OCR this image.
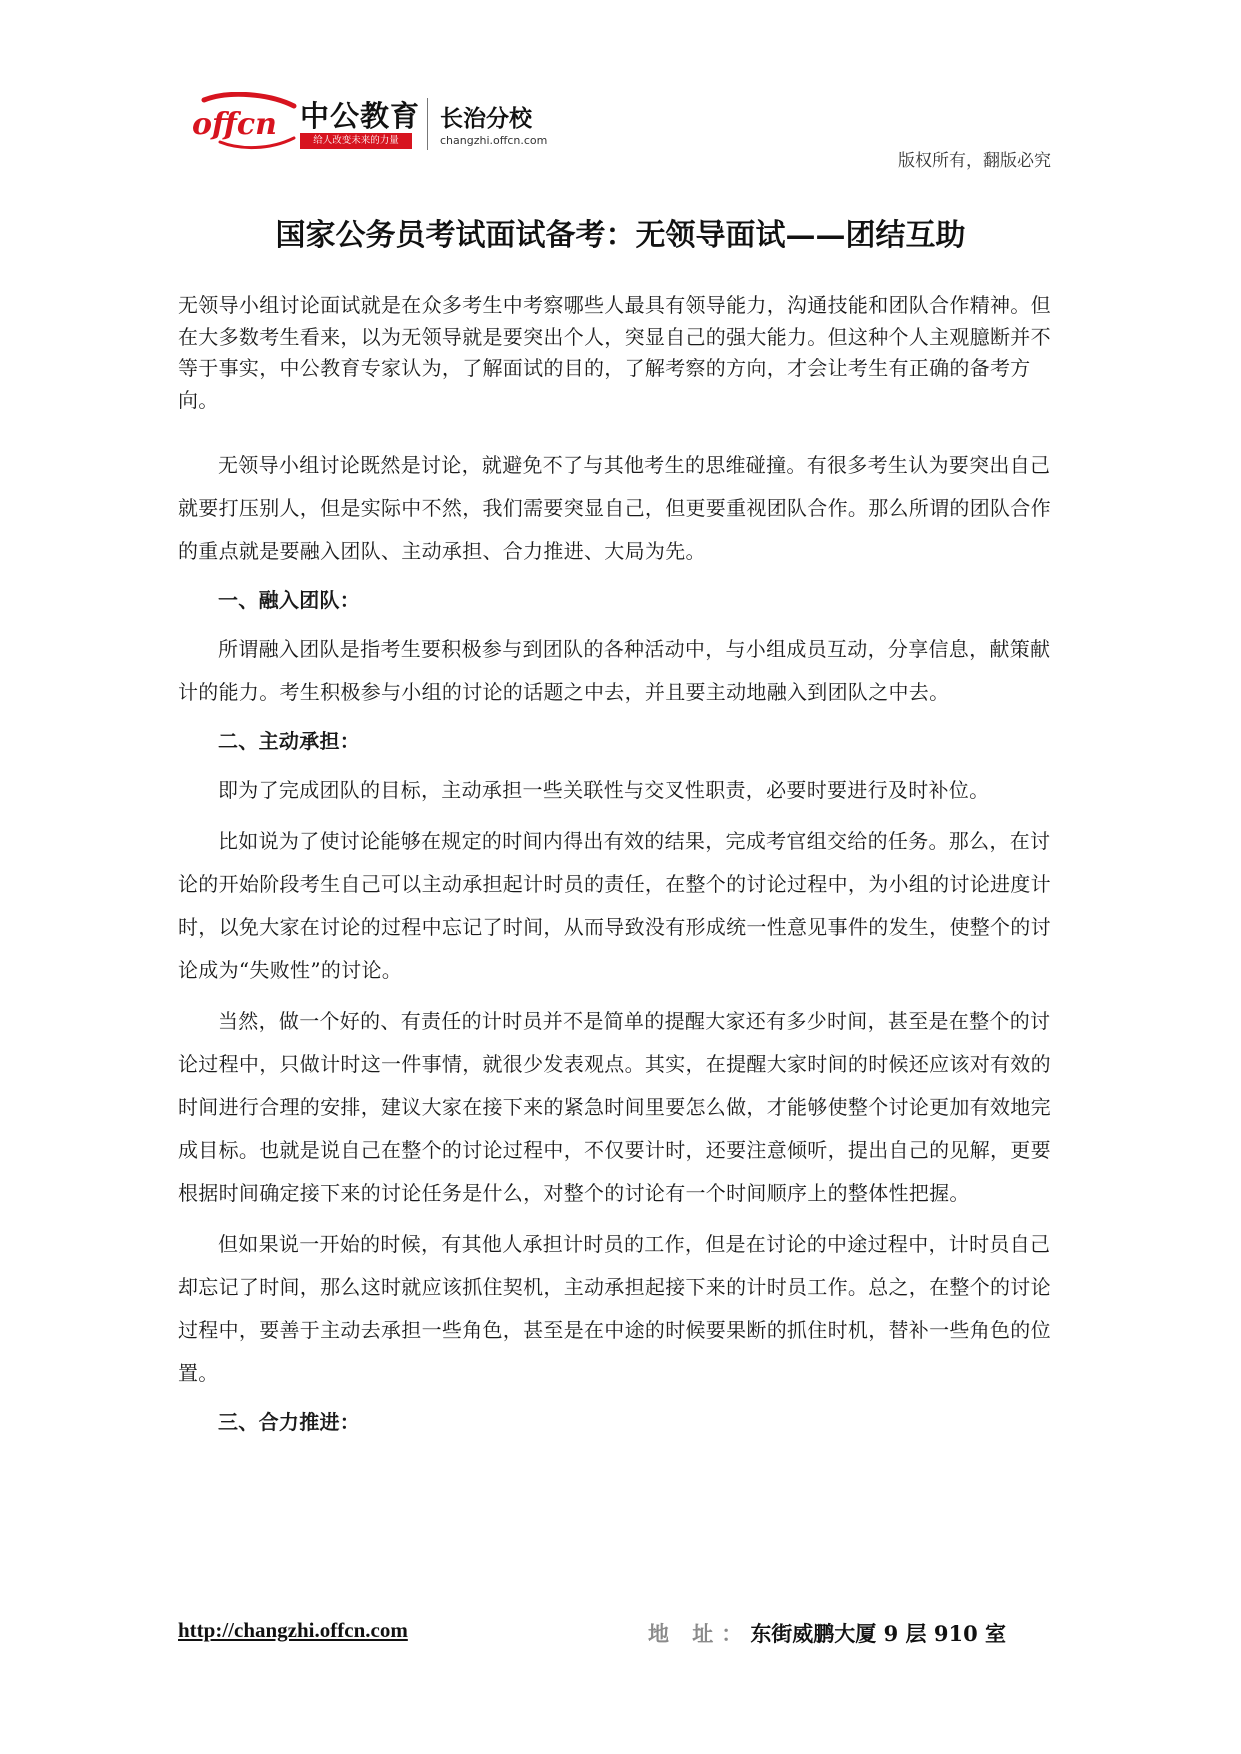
offcn 中公教育
给人改变未来的力量
长治分校
changzhi.offcn.com
版权所有，翻版必究
国家公务员考试面试备考：无领导面试——团结互助

无领导小组讨论面试就是在众多考生中考察哪些人最具有领导能力，沟通技能和团队合作精神。但在大多数考生看来，以为无领导就是要突出个人，突显自己的强大能力。但这种个人主观臆断并不等于事实，中公教育专家认为，了解面试的目的，了解考察的方向，才会让考生有正确的备考方向。

无领导小组讨论既然是讨论，就避免不了与其他考生的思维碰撞。有很多考生认为要突出自己就要打压别人，但是实际中不然，我们需要突显自己，但更要重视团队合作。那么所谓的团队合作的重点就是要融入团队、主动承担、合力推进、大局为先。

一、融入团队：

所谓融入团队是指考生要积极参与到团队的各种活动中，与小组成员互动，分享信息，献策献计的能力。考生积极参与小组的讨论的话题之中去，并且要主动地融入到团队之中去。

二、主动承担：

即为了完成团队的目标，主动承担一些关联性与交叉性职责，必要时要进行及时补位。

比如说为了使讨论能够在规定的时间内得出有效的结果，完成考官组交给的任务。那么，在讨论的开始阶段考生自己可以主动承担起计时员的责任，在整个的讨论过程中，为小组的讨论进度计时，以免大家在讨论的过程中忘记了时间，从而导致没有形成统一性意见事件的发生，使整个的讨论成为“失败性”的讨论。

当然，做一个好的、有责任的计时员并不是简单的提醒大家还有多少时间，甚至是在整个的讨论过程中，只做计时这一件事情，就很少发表观点。其实，在提醒大家时间的时候还应该对有效的时间进行合理的安排，建议大家在接下来的紧急时间里要怎么做，才能够使整个讨论更加有效地完成目标。也就是说自己在整个的讨论过程中，不仅要计时，还要注意倾听，提出自己的见解，更要根据时间确定接下来的讨论任务是什么，对整个的讨论有一个时间顺序上的整体性把握。

但如果说一开始的时候，有其他人承担计时员的工作，但是在讨论的中途过程中，计时员自己却忘记了时间，那么这时就应该抓住契机，主动承担起接下来的计时员工作。总之，在整个的讨论过程中，要善于主动去承担一些角色，甚至是在中途的时候要果断的抓住时机，替补一些角色的位置。

三、合力推进：

http://changzhi.offcn.com	地 址：东街威鹏大厦 9 层 910 室
